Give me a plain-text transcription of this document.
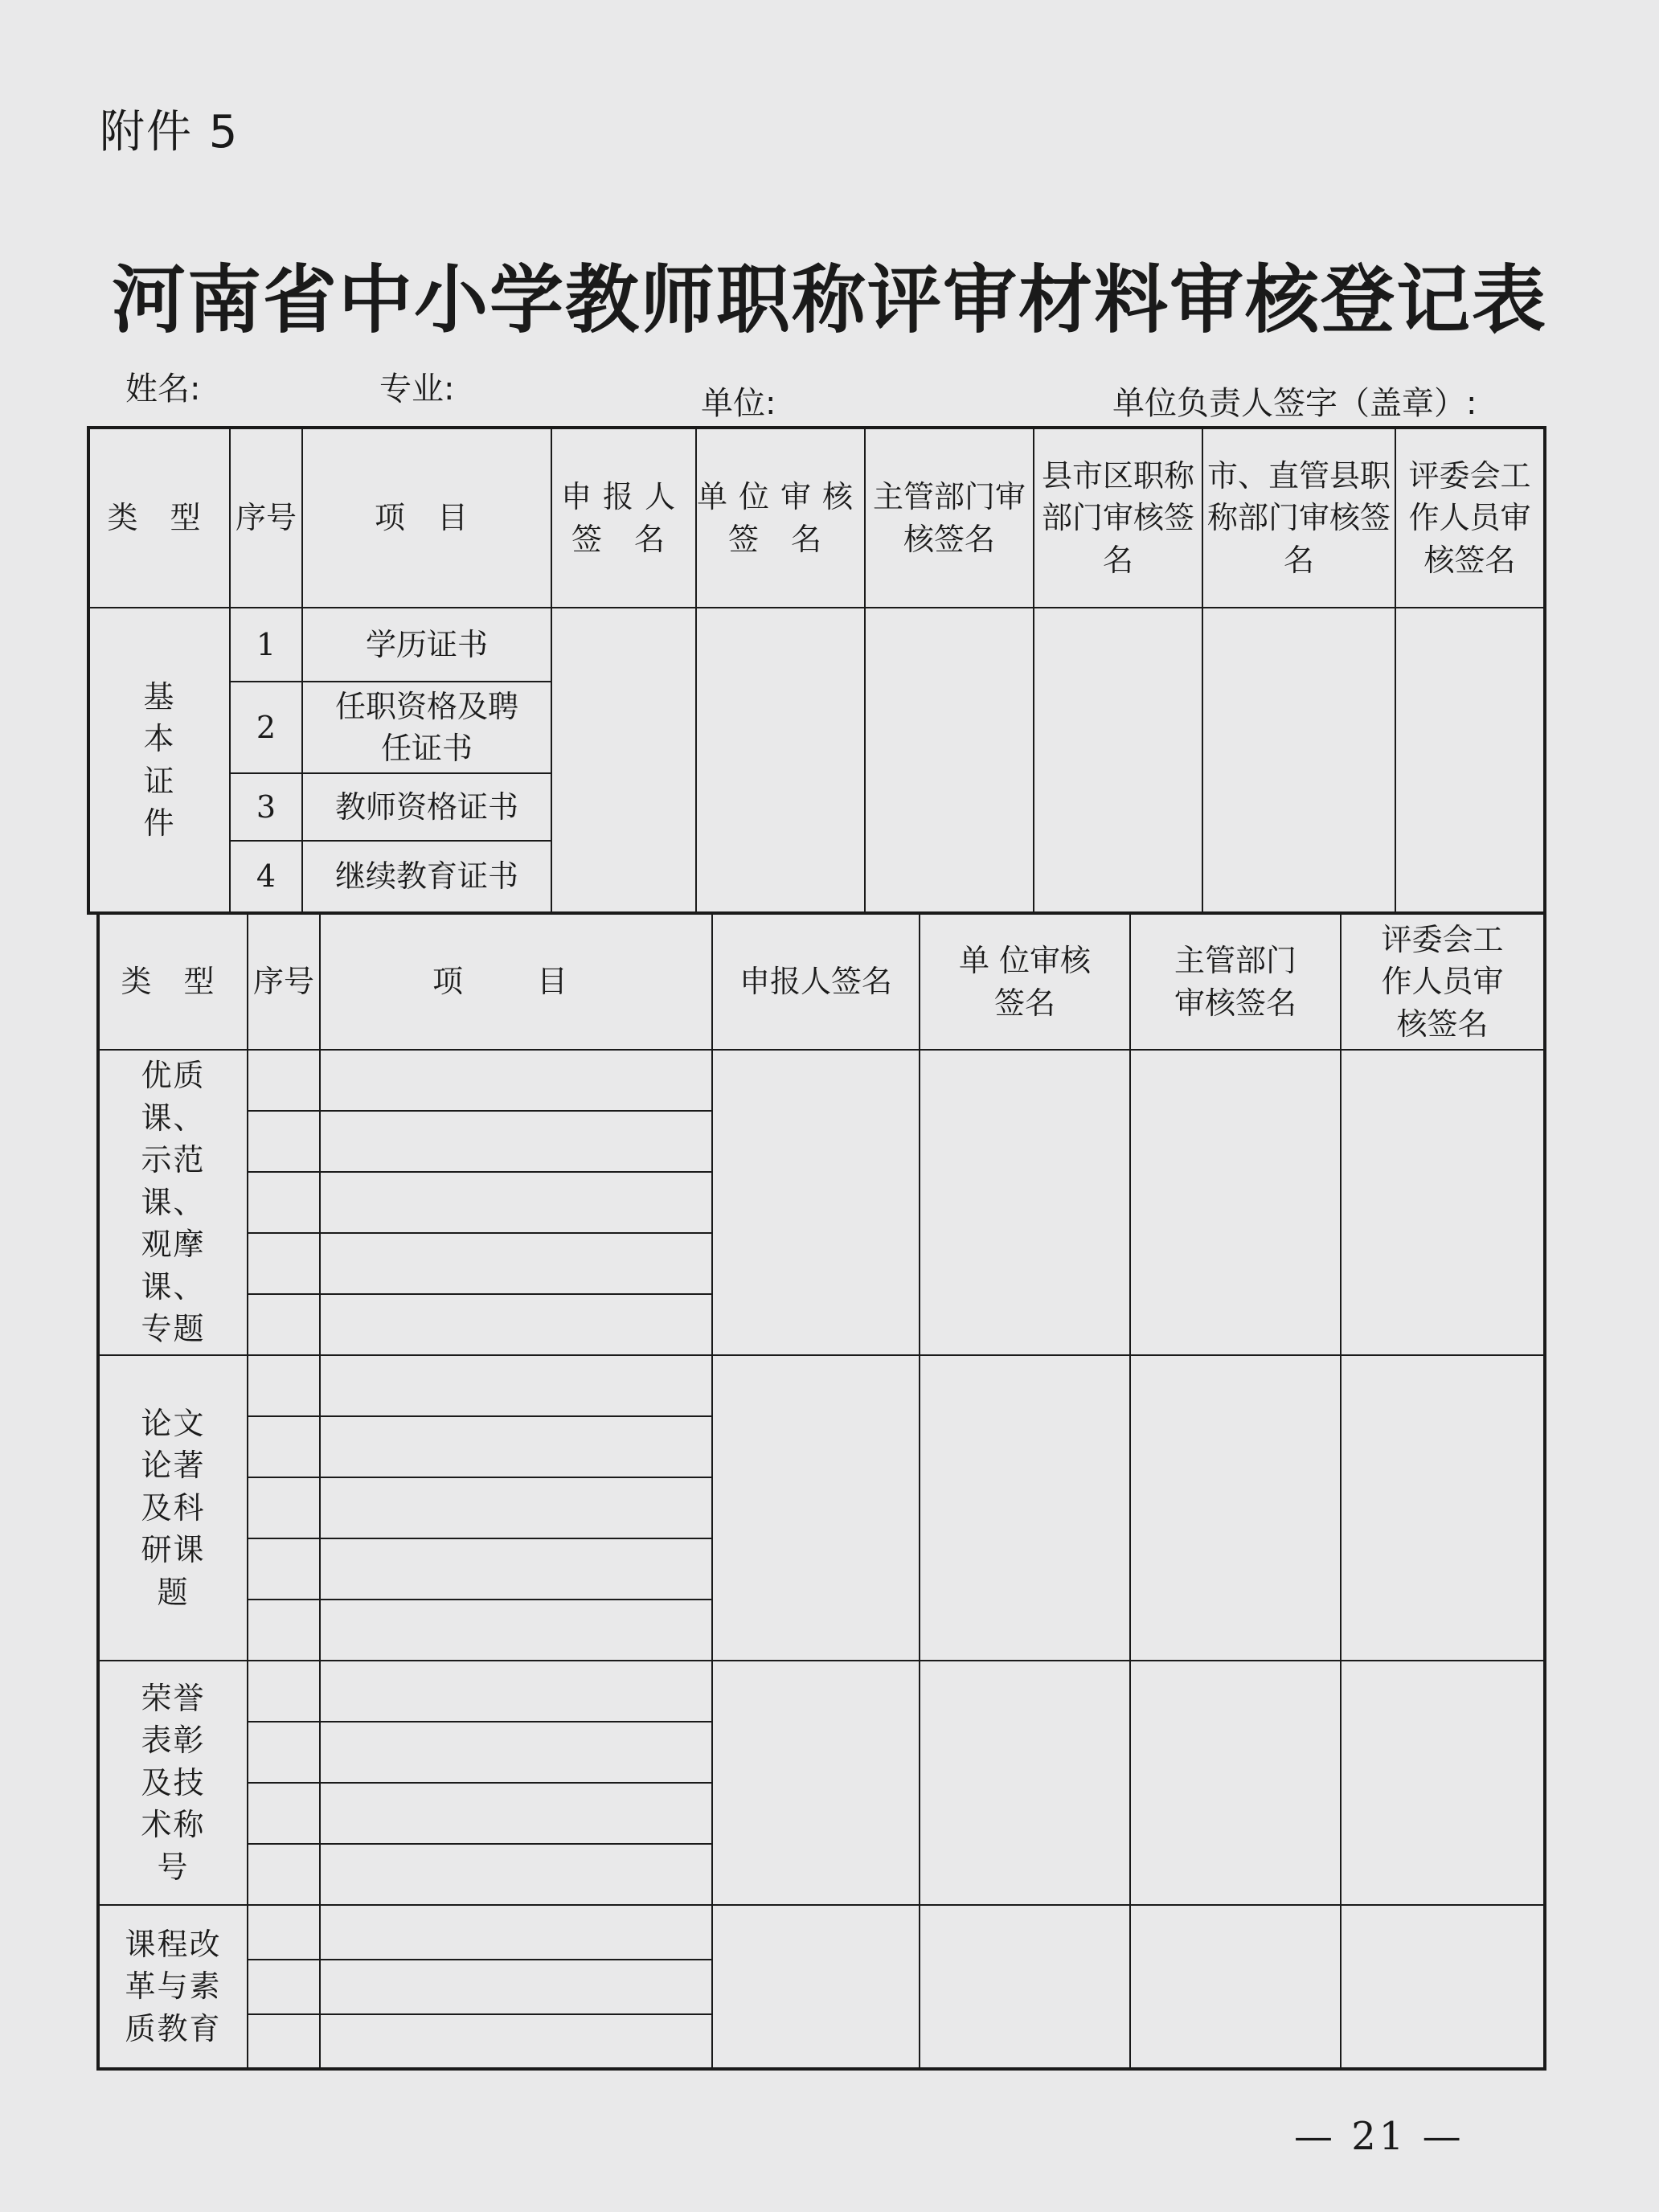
附件 5
河南省中小学教师职称评审材料审核登记表
姓名:	专业:	单位:	单位负责人签字（盖章）:
类 型	序号	项 目	申报人签 名	单位审核签 名	主管部门审核签名	县市区职称部门审核签名	市、直管县职称部门审核签名	评委会工作人员审核签名
基本证件	1	学历证书						
	2	任职资格及聘任证书						
	3	教师资格证书						
	4	继续教育证书						
类 型	序号	项 目	申报人签名	单 位审核签名	主管部门审核签名	评委会工作人员审核签名
优质课、示范课、观摩课、专题						

论文论著及科研课题						

荣誉表彰及技术称号						

课程改革与素质教育						

— 21 —
